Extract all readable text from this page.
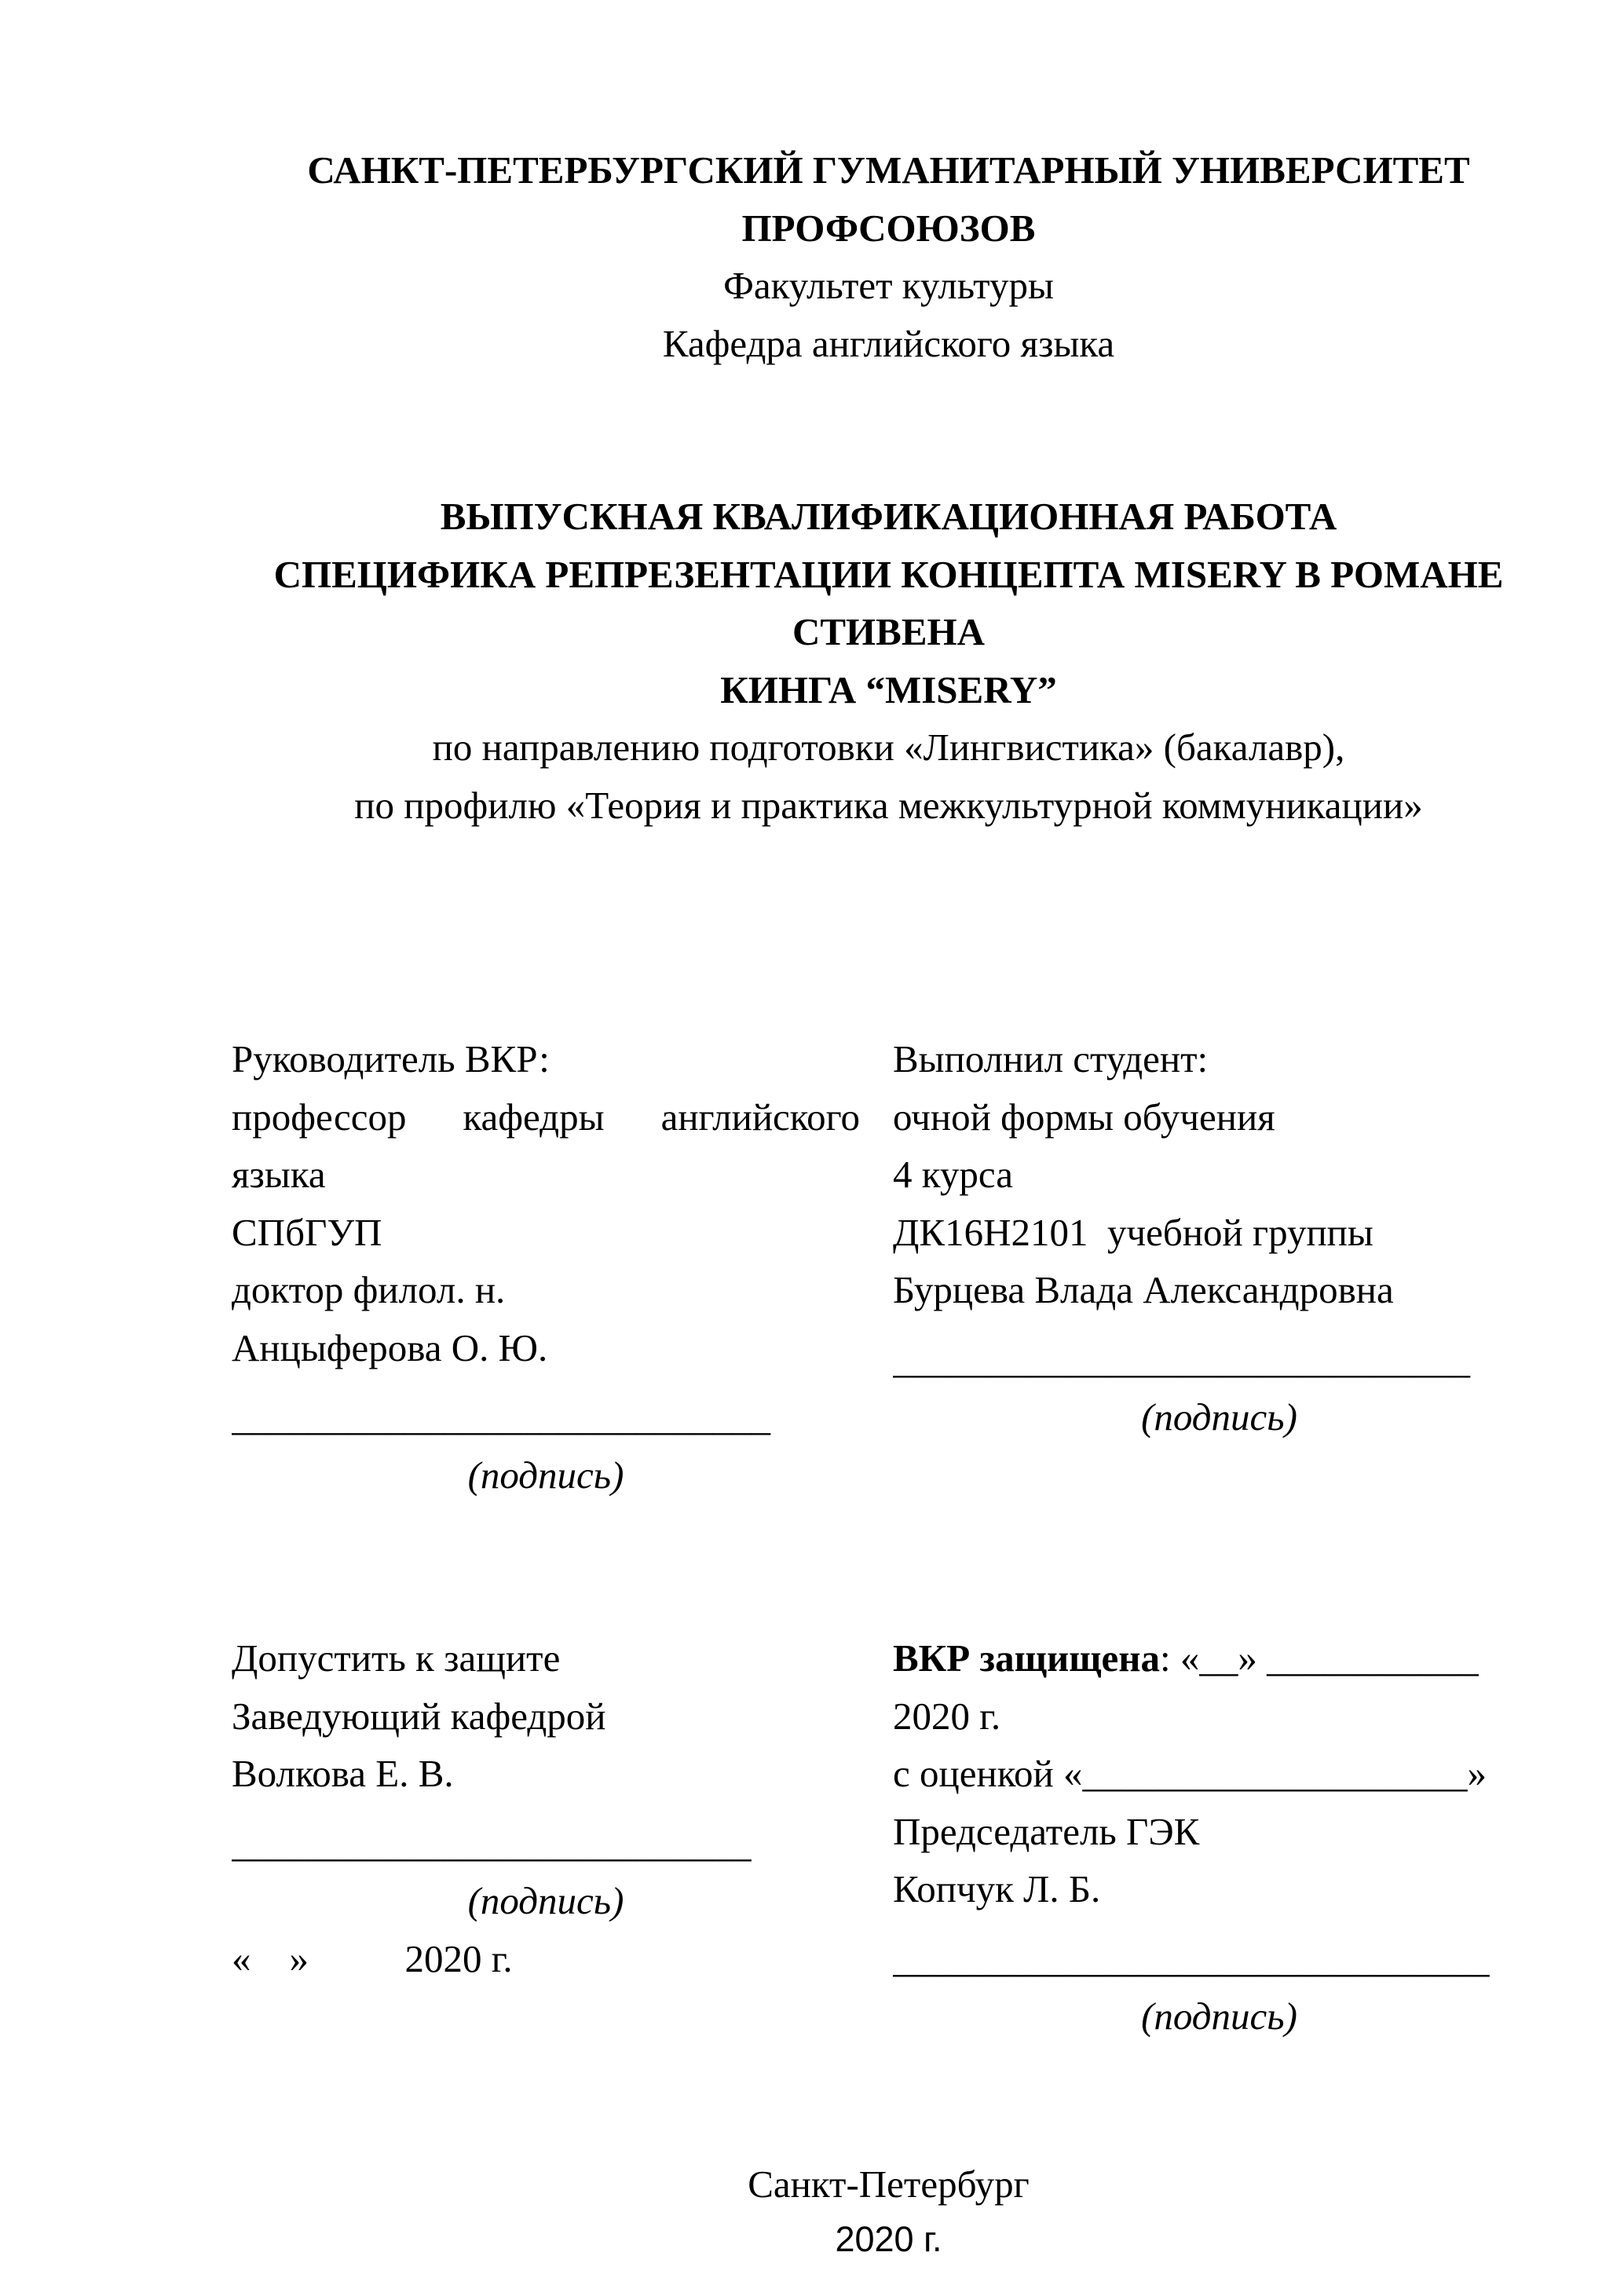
САНКТ-ПЕТЕРБУРГСКИЙ ГУМАНИТАРНЫЙ УНИВЕРСИТЕТ
ПРОФСОЮЗОВ
Факультет культуры
Кафедра английского языка
ВЫПУСКНАЯ КВАЛИФИКАЦИОННАЯ РАБОТА
СПЕЦИФИКА РЕПРЕЗЕНТАЦИИ КОНЦЕПТА MISERY В РОМАНЕ СТИВЕНА
КИНГА “MISERY”
по направлению подготовки «Лингвистика» (бакалавр),
по профилю «Теория и практика межкультурной коммуникации»
Руководитель ВКР:
профессор кафедры английского языка
СПбГУП
доктор филол. н.
Анцыферова О. Ю.
____________________________
(подпись)
Выполнил студент:
очной формы обучения
4 курса
ДК16Н2101  учебной группы
Бурцева Влада Александровна
______________________________
(подпись)
Допустить к защите
Заведующий кафедрой
Волкова Е. В.
___________________________
(подпись)
«    »          2020 г.
ВКР защищена: «__» ___________ 2020 г.
с оценкой «____________________»
Председатель ГЭК
Копчук Л. Б.
_______________________________
(подпись)
Санкт-Петербург
2020 г.
